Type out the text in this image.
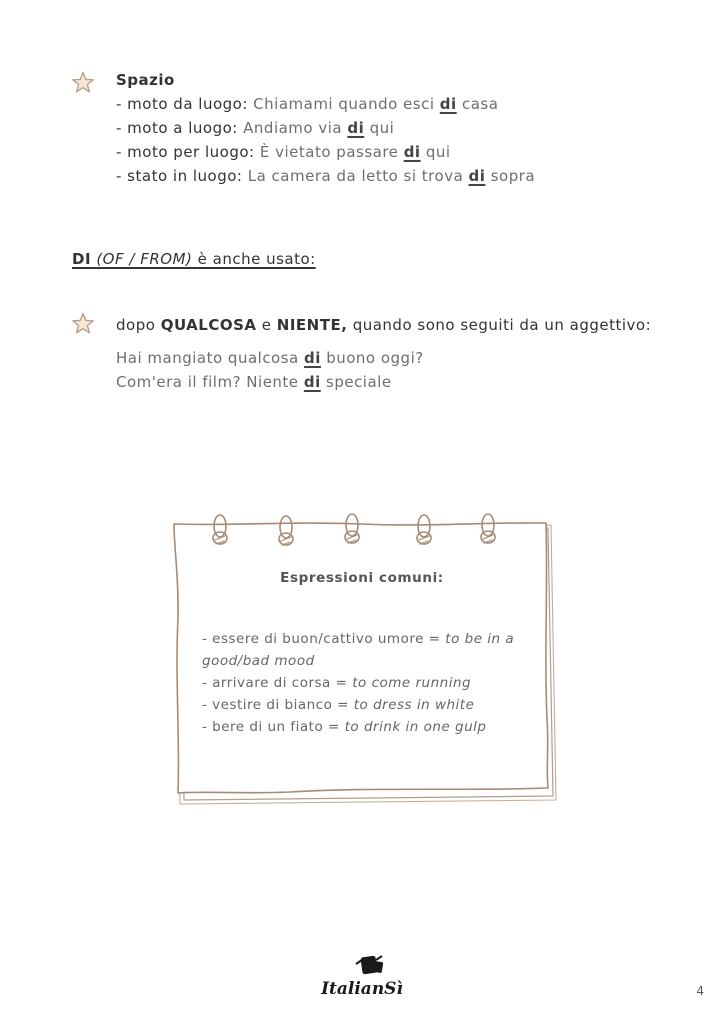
Spazio
- moto da luogo: Chiamami quando esci di casa
- moto a luogo: Andiamo via di qui
- moto per luogo: È vietato passare di qui
- stato in luogo: La camera da letto si trova di sopra
DI (OF / FROM) è anche usato:
dopo QUALCOSA e NIENTE, quando sono seguiti da un aggettivo:
Hai mangiato qualcosa di buono oggi?
Com'era il film? Niente di speciale
Espressioni comuni:
- essere di buon/cattivo umore = to be in a
good/bad mood
- arrivare di corsa = to come running
- vestire di bianco = to dress in white
- bere di un fiato = to drink in one gulp
ItalianSì	4
